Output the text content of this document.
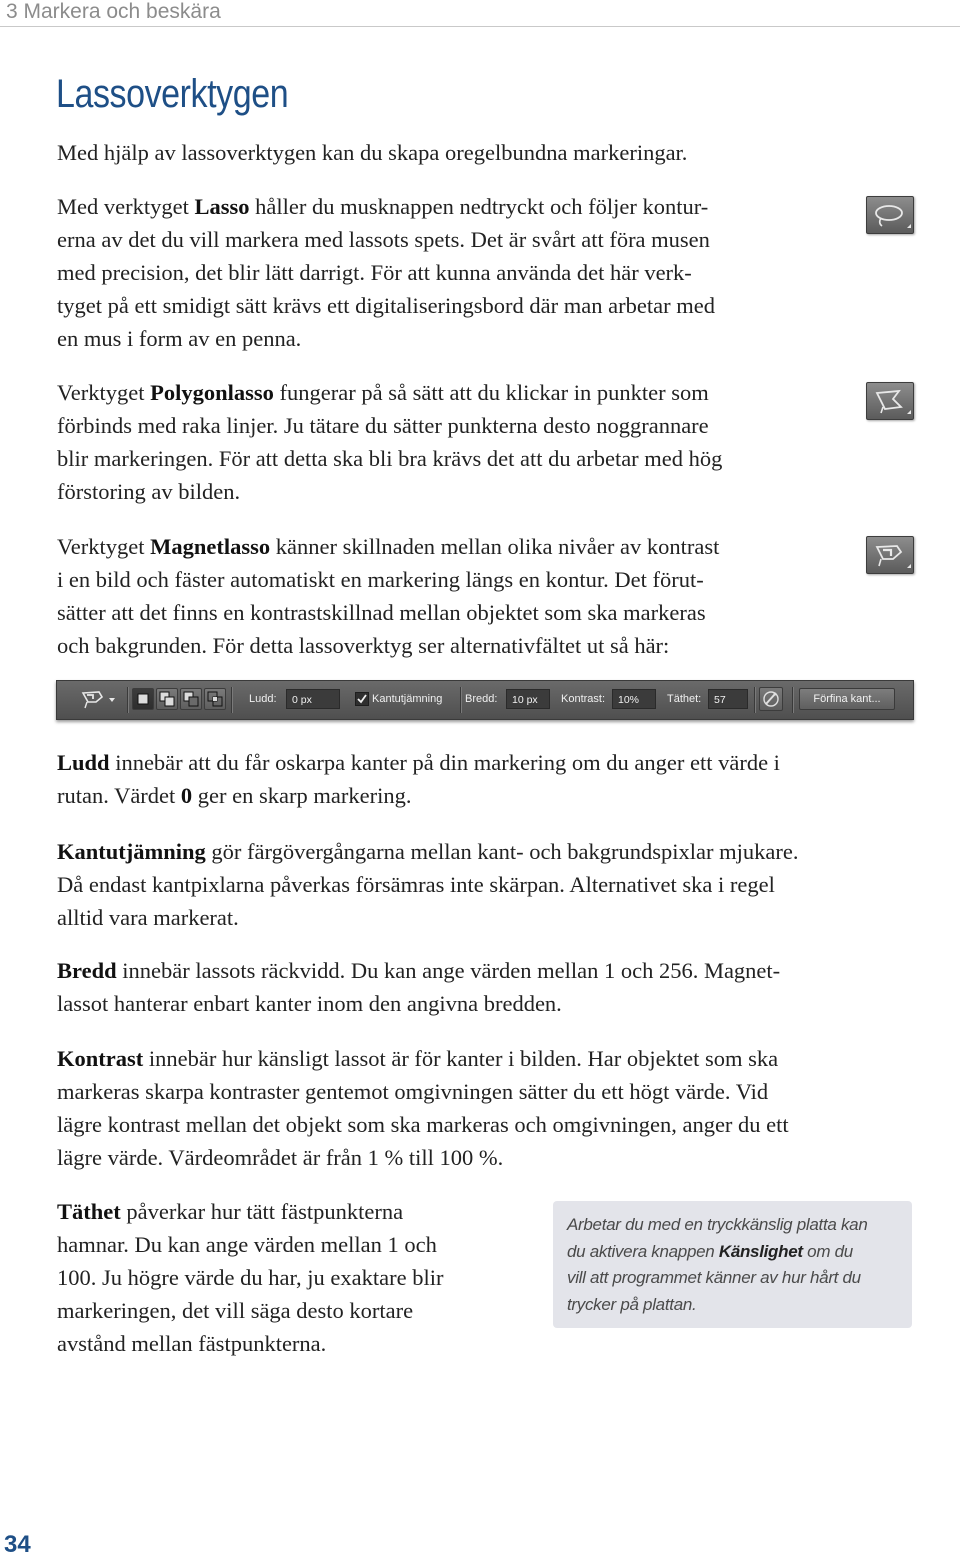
3 Markera och beskära
Lassoverktygen

Med hjälp av lassoverktygen kan du skapa oregelbundna markeringar.

Med verktyget Lasso håller du musknappen nedtryckt och följer kontur-
erna av det du vill markera med lassots spets. Det är svårt att föra musen
med precision, det blir lätt darrigt. För att kunna använda det här verk-
tyget på ett smidigt sätt krävs ett digitaliseringsbord där man arbetar med
en mus i form av en penna.

Verktyget Polygonlasso fungerar på så sätt att du klickar in punkter som
förbinds med raka linjer. Ju tätare du sätter punkterna desto noggrannare
blir markeringen. För att detta ska bli bra krävs det att du arbetar med hög
förstoring av bilden.

Verktyget Magnetlasso känner skillnaden mellan olika nivåer av kontrast
i en bild och fäster automatiskt en markering längs en kontur. Det förut-
sätter att det finns en kontrastskillnad mellan objektet som ska markeras
och bakgrunden. För detta lassoverktyg ser alternativfältet ut så här:

Ludd:	0 px	Kantutjämning Bredd:	10 px	Kontrast:	10%	Täthet:	57	Förfina kant...

Ludd innebär att du får oskarpa kanter på din markering om du anger ett värde i
rutan. Värdet 0 ger en skarp markering.

Kantutjämning gör färgövergångarna mellan kant- och bakgrundspixlar mjukare.
Då endast kantpixlarna påverkas försämras inte skärpan. Alternativet ska i regel
alltid vara markerat.

Bredd innebär lassots räckvidd. Du kan ange värden mellan 1 och 256. Magnet-
lassot hanterar enbart kanter inom den angivna bredden.

Kontrast innebär hur känsligt lassot är för kanter i bilden. Har objektet som ska
markeras skarpa kontraster gentemot omgivningen sätter du ett högt värde. Vid
lägre kontrast mellan det objekt som ska markeras och omgivningen, anger du ett
lägre värde. Värdeområdet är från 1 % till 100 %.

Täthet påverkar hur tätt fästpunkterna
hamnar. Du kan ange värden mellan 1 och
100. Ju högre värde du har, ju exaktare blir
markeringen, det vill säga desto kortare
avstånd mellan fästpunkterna.

Arbetar du med en tryckkänslig platta kan
du aktivera knappen Känslighet om du
vill att programmet känner av hur hårt du
trycker på plattan.

34
